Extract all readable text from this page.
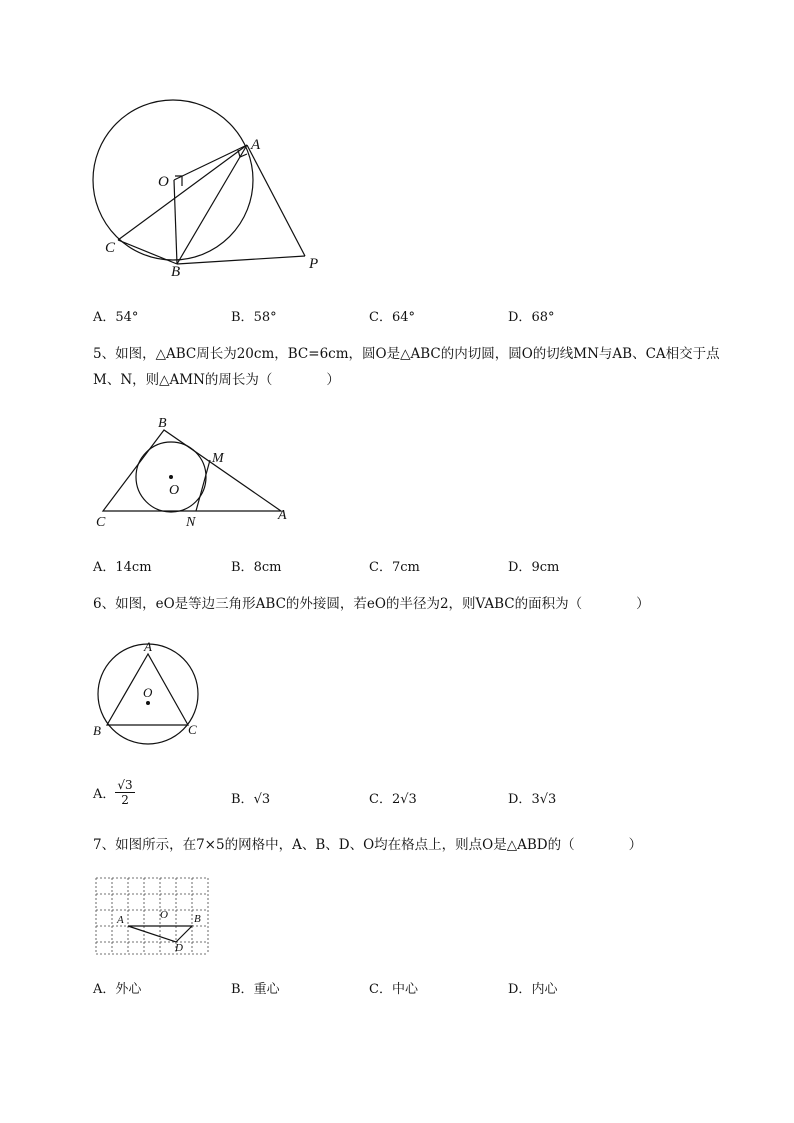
O
A
C
B	P
A．54°	B．58°	C．64°	D．68°
5、如图，△ABC周长为20cm，BC=6cm，圆O是△ABC的内切圆，圆O的切线MN与AB、CA相交于点
M、N，则△AMN的周长为（　　　　）
B
M
O
C	N	A
A．14cm	B．8cm	C．7cm	D．9cm
6、如图，eO是等边三角形ABC的外接圆，若eO的半径为2，则VABC的面积为（　　　　）
A
O
B	C
A． $\frac{√3}{2}$	B．√3	C．2√3	D．3√3
7、如图所示，在7×5的网格中，A、B、D、O均在格点上，则点O是△ABD的（　　　　）
A	O B
D
A．外心	B．重心	C．中心	D．内心
